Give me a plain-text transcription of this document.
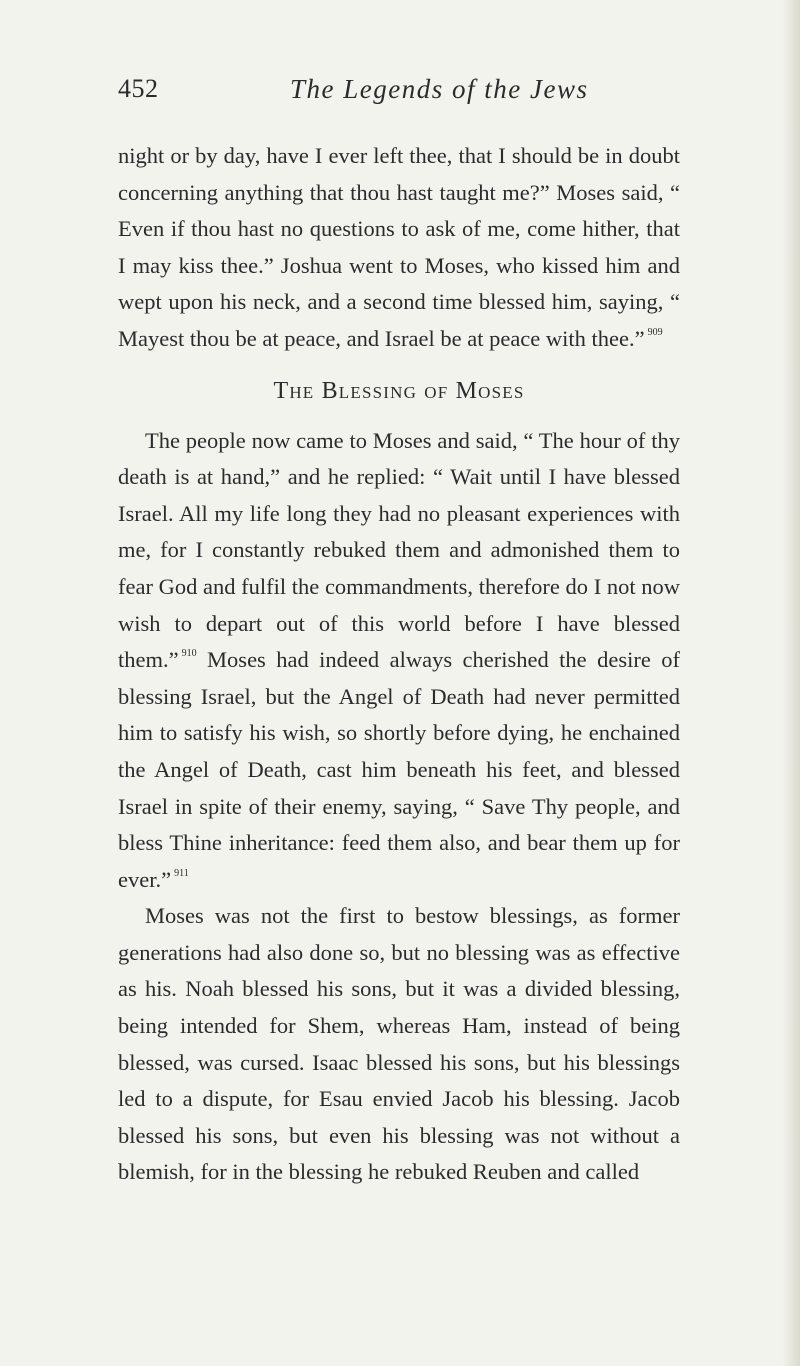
452	The Legends of the Jews

night or by day, have I ever left thee, that I should be in doubt concerning anything that thou hast taught me?” Moses said, “ Even if thou hast no questions to ask of me, come hither, that I may kiss thee.” Joshua went to Moses, who kissed him and wept upon his neck, and a second time blessed him, saying, “ Mayest thou be at peace, and Israel be at peace with thee.” $^{909}$

The Blessing of Moses

The people now came to Moses and said, “ The hour of thy death is at hand,” and he replied: “ Wait until I have blessed Israel. All my life long they had no pleasant experiences with me, for I constantly rebuked them and admonished them to fear God and fulfil the commandments, therefore do I not now wish to depart out of this world before I have blessed them.” $^{910}$ Moses had indeed always cherished the desire of blessing Israel, but the Angel of Death had never permitted him to satisfy his wish, so shortly before dying, he enchained the Angel of Death, cast him beneath his feet, and blessed Israel in spite of their enemy, saying, “ Save Thy people, and bless Thine inheritance: feed them also, and bear them up for ever.” $^{911}$

Moses was not the first to bestow blessings, as former generations had also done so, but no blessing was as effective as his. Noah blessed his sons, but it was a divided blessing, being intended for Shem, whereas Ham, instead of being blessed, was cursed. Isaac blessed his sons, but his blessings led to a dispute, for Esau envied Jacob his blessing. Jacob blessed his sons, but even his blessing was not without a blemish, for in the blessing he rebuked Reuben and called
